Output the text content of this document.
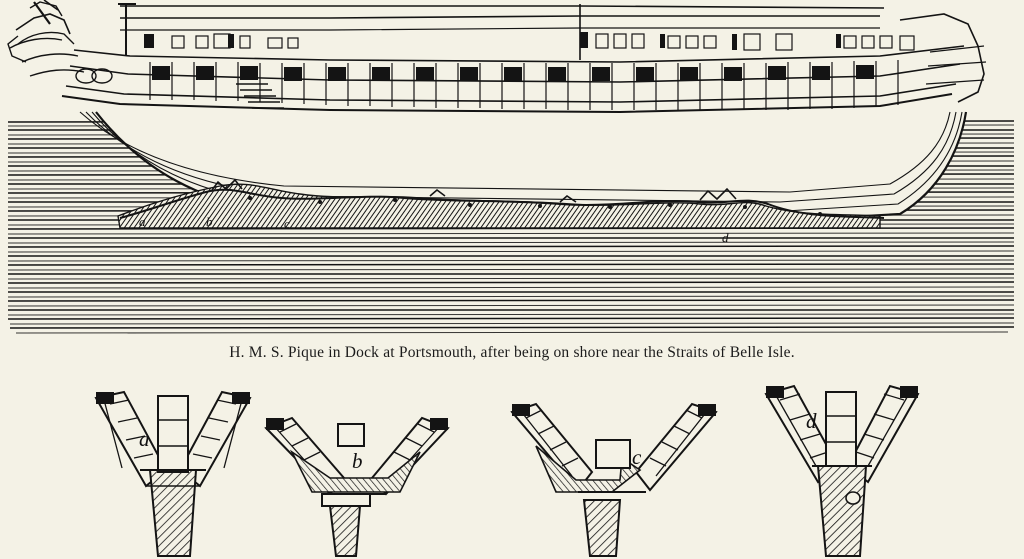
a	b	c
d
a
b	c
d
H. M. S. Pique in Dock at Portsmouth, after being on shore near the Straits of Belle Isle.
